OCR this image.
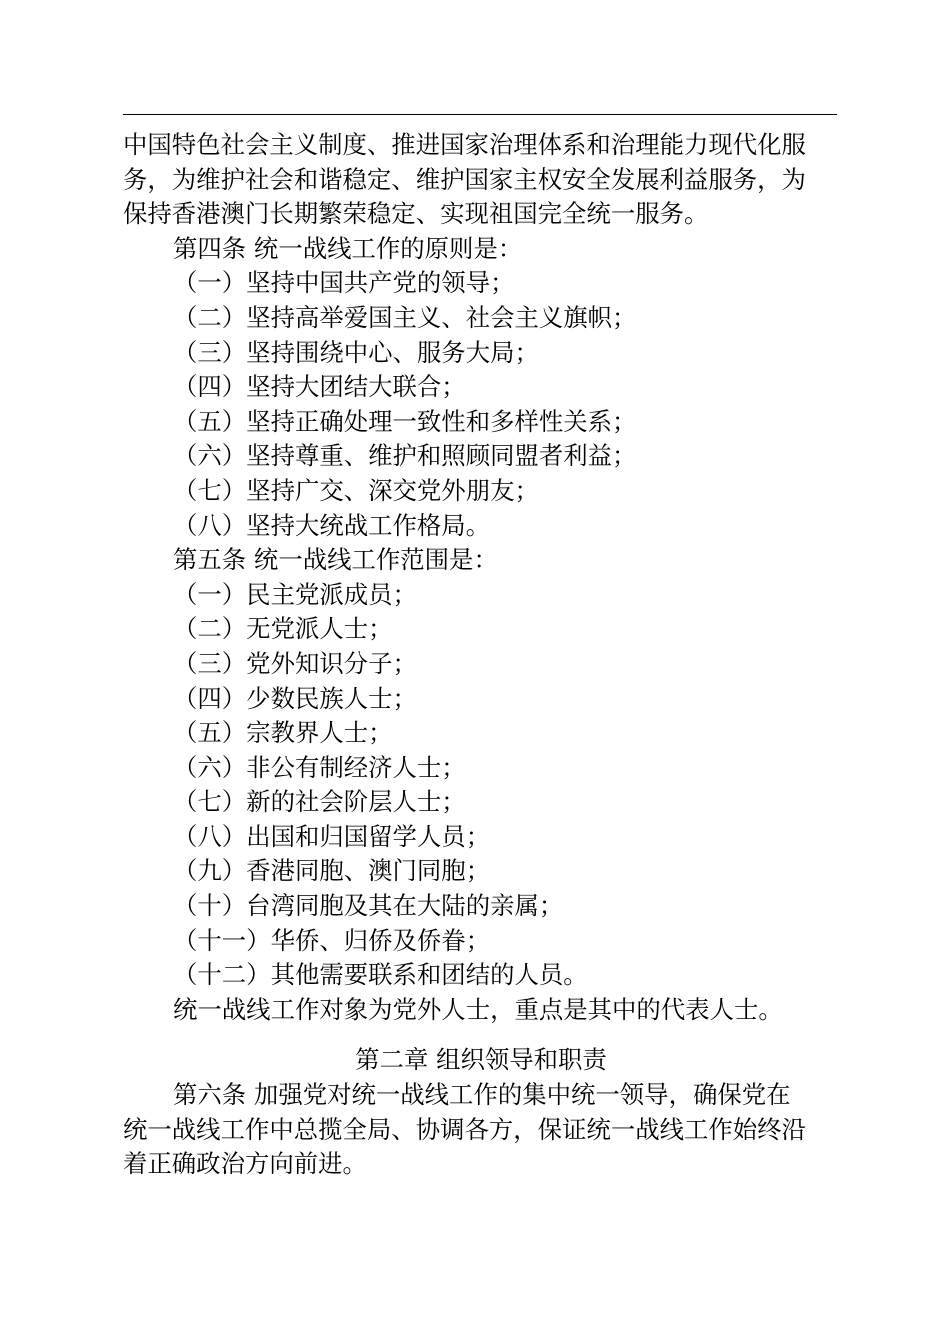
中国特色社会主义制度、推进国家治理体系和治理能力现代化服
务，为维护社会和谐稳定、维护国家主权安全发展利益服务，为
保持香港澳门长期繁荣稳定、实现祖国完全统一服务。
第四条 统一战线工作的原则是：
（一）坚持中国共产党的领导；
（二）坚持高举爱国主义、社会主义旗帜；
（三）坚持围绕中心、服务大局；
（四）坚持大团结大联合；
（五）坚持正确处理一致性和多样性关系；
（六）坚持尊重、维护和照顾同盟者利益；
（七）坚持广交、深交党外朋友；
（八）坚持大统战工作格局。
第五条 统一战线工作范围是：
（一）民主党派成员；
（二）无党派人士；
（三）党外知识分子；
（四）少数民族人士；
（五）宗教界人士；
（六）非公有制经济人士；
（七）新的社会阶层人士；
（八）出国和归国留学人员；
（九）香港同胞、澳门同胞；
（十）台湾同胞及其在大陆的亲属；
（十一）华侨、归侨及侨眷；
（十二）其他需要联系和团结的人员。
统一战线工作对象为党外人士，重点是其中的代表人士。
第二章 组织领导和职责
第六条 加强党对统一战线工作的集中统一领导，确保党在
统一战线工作中总揽全局、协调各方，保证统一战线工作始终沿
着正确政治方向前进。
